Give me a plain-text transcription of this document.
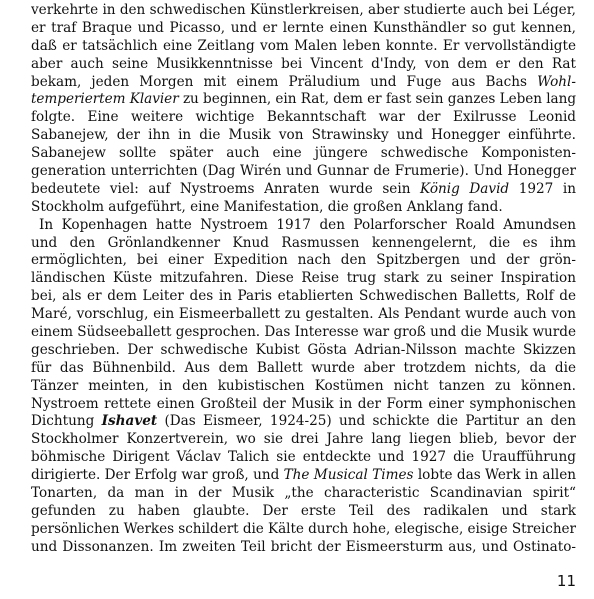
verkehrte in den schwedischen Künstlerkreisen, aber studierte auch bei Léger,
er traf Braque und Picasso, und er lernte einen Kunsthändler so gut kennen,
daß er tatsächlich eine Zeitlang vom Malen leben konnte. Er vervollständigte
aber auch seine Musikkenntnisse bei Vincent d'Indy, von dem er den Rat
bekam, jeden Morgen mit einem Präludium und Fuge aus Bachs Wohl-
temperiertem Klavier zu beginnen, ein Rat, dem er fast sein ganzes Leben lang
folgte. Eine weitere wichtige Bekanntschaft war der Exilrusse Leonid
Sabanejew, der ihn in die Musik von Strawinsky und Honegger einführte.
Sabanejew sollte später auch eine jüngere schwedische Komponisten-
generation unterrichten (Dag Wirén und Gunnar de Frumerie). Und Honegger
bedeutete viel: auf Nystroems Anraten wurde sein König David 1927 in
Stockholm aufgeführt, eine Manifestation, die großen Anklang fand.
In Kopenhagen hatte Nystroem 1917 den Polarforscher Roald Amundsen
und den Grönlandkenner Knud Rasmussen kennengelernt, die es ihm
ermöglichten, bei einer Expedition nach den Spitzbergen und der grön-
ländischen Küste mitzufahren. Diese Reise trug stark zu seiner Inspiration
bei, als er dem Leiter des in Paris etablierten Schwedischen Balletts, Rolf de
Maré, vorschlug, ein Eismeerballett zu gestalten. Als Pendant wurde auch von
einem Südseeballett gesprochen. Das Interesse war groß und die Musik wurde
geschrieben. Der schwedische Kubist Gösta Adrian-Nilsson machte Skizzen
für das Bühnenbild. Aus dem Ballett wurde aber trotzdem nichts, da die
Tänzer meinten, in den kubistischen Kostümen nicht tanzen zu können.
Nystroem rettete einen Großteil der Musik in der Form einer symphonischen
Dichtung Ishavet (Das Eismeer, 1924-25) und schickte die Partitur an den
Stockholmer Konzertverein, wo sie drei Jahre lang liegen blieb, bevor der
böhmische Dirigent Václav Talich sie entdeckte und 1927 die Uraufführung
dirigierte. Der Erfolg war groß, und The Musical Times lobte das Werk in allen
Tonarten, da man in der Musik „the characteristic Scandinavian spirit“
gefunden zu haben glaubte. Der erste Teil des radikalen und stark
persönlichen Werkes schildert die Kälte durch hohe, elegische, eisige Streicher
und Dissonanzen. Im zweiten Teil bricht der Eismeersturm aus, und Ostinato-
11
